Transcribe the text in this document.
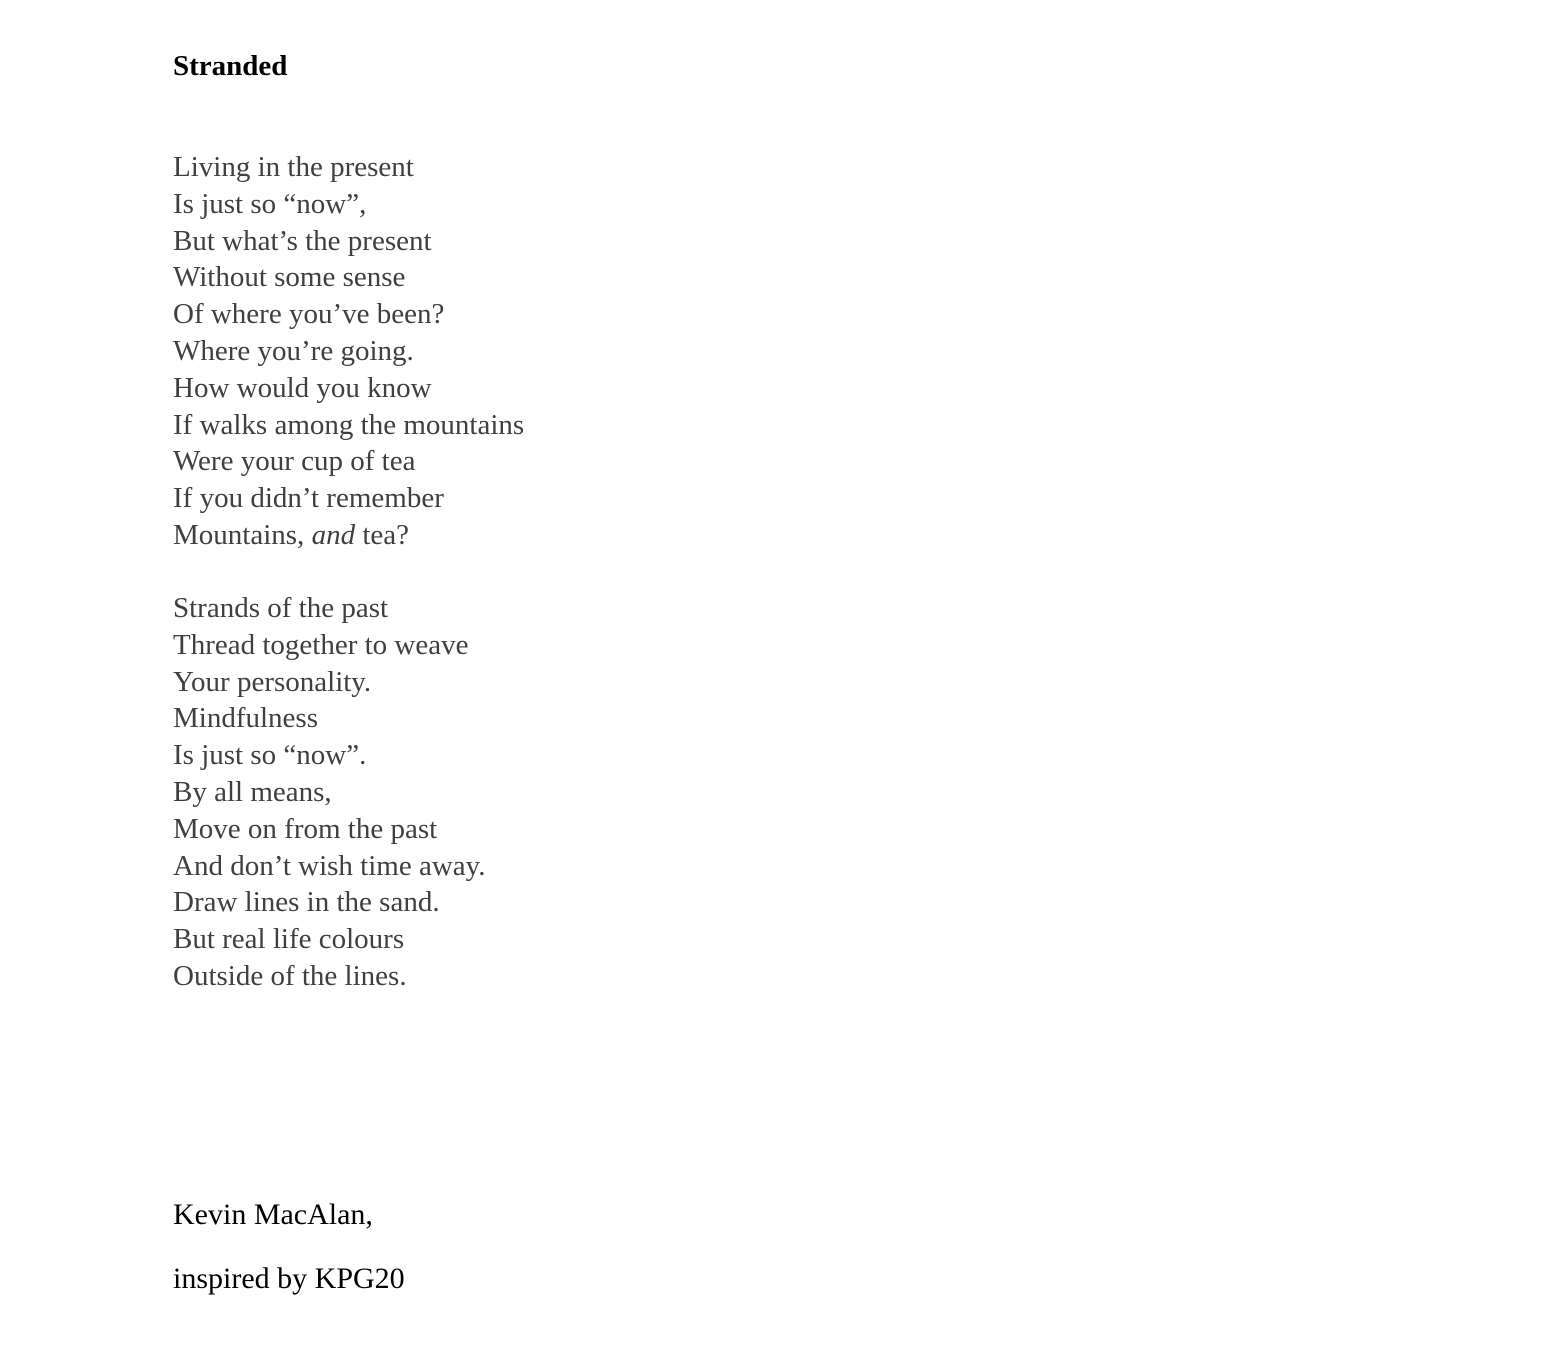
Stranded
Living in the present
Is just so “now”,
But what’s the present
Without some sense
Of where you’ve been?
Where you’re going.
How would you know
If walks among the mountains
Were your cup of tea
If you didn’t remember
Mountains, and tea?
Strands of the past
Thread together to weave
Your personality.
Mindfulness
Is just so “now”.
By all means,
Move on from the past
And don’t wish time away.
Draw lines in the sand.
But real life colours
Outside of the lines.
Kevin MacAlan,
inspired by KPG20
